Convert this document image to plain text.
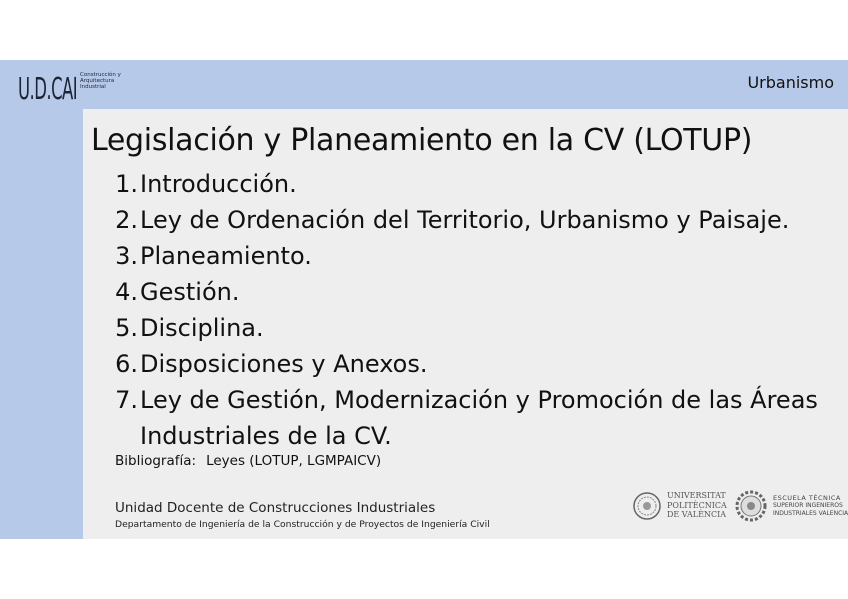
U.D.CAI Construcción y
Arquitectura
Industrial	Urbanismo
Legislación y Planeamiento en la CV (LOTUP)
1. Introducción.
2. Ley de Ordenación del Territorio, Urbanismo y Paisaje.
3. Planeamiento.
4. Gestión.
5. Disciplina.
6. Disposiciones y Anexos.
7. Ley de Gestión, Modernización y Promoción de las Áreas
Industriales de la CV.
Bibliografía: Leyes (LOTUP, LGMPAICV)
Unidad Docente de Construcciones Industriales
Departamento de Ingeniería de la Construcción y de Proyectos de Ingeniería Civil
UNIVERSITAT
POLITÈCNICA
DE VALÈNCIA
ESCUELA TÉCNICA
SUPERIOR INGENIEROS
INDUSTRIALES VALENCIA
